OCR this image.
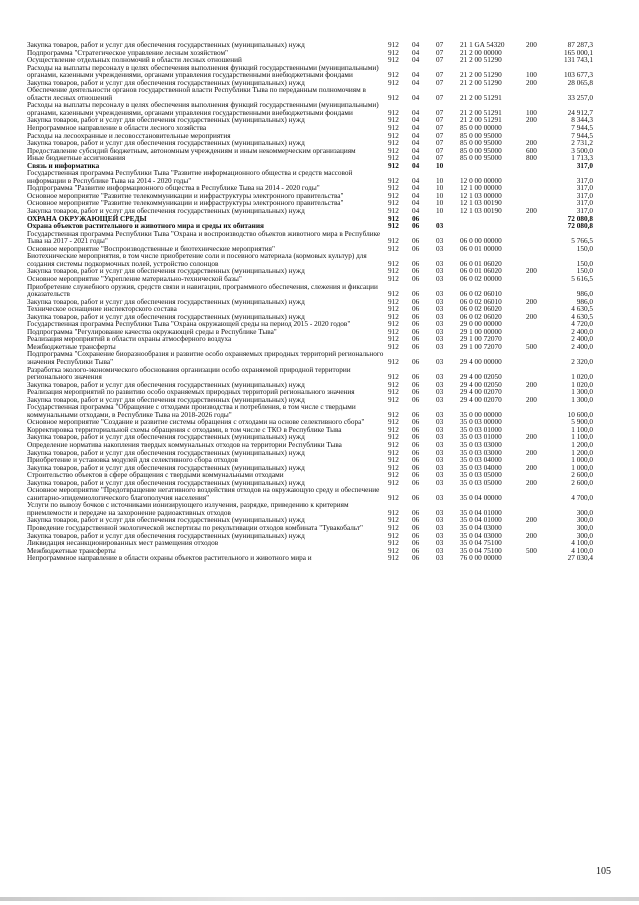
Закупка товаров, работ и услуг для обеспечения государственных (муниципальных) нужд	912	04	07	21 1 GA 54320	200	87 287,3
Подпрограмма "Стратегическое управление лесным хозяйством"	912	04	07	21 2 00 00000	165 000,1
Осуществление отдельных полномочий в области лесных отношений	912	04	07	21 2 00 51290	131 743,1
Расходы на выплаты персоналу в целях обеспечения выполнения функций государственными (муниципальными) органами, казенными учреждениями, органами управления государственными внебюджетными фондами	912	04	07	21 2 00 51290	100	103 677,3
Закупка товаров, работ и услуг для обеспечения государственных (муниципальных) нужд	912	04	07	21 2 00 51290	200	28 065,8
Обеспечение деятельности органов государственной власти Республики Тыва по переданным полномочиям в области лесных отношений	912	04	07	21 2 00 51291	33 257,0
Расходы на выплаты персоналу в целях обеспечения выполнения функций государственными (муниципальными) органами, казенными учреждениями, органами управления государственными внебюджетными фондами	912	04	07	21 2 00 51291	100	24 912,7
Закупка товаров, работ и услуг для обеспечения государственных (муниципальных) нужд	912	04	07	21 2 00 51291	200	8 344,3
Непрограммное направление в области лесного хозяйства	912	04	07	85 0 00 00000	7 944,5
Расходы на лесоохранные и лесовосстановительные мероприятия	912	04	07	85 0 00 95000	7 944,5
Закупка товаров, работ и услуг для обеспечения государственных (муниципальных) нужд	912	04	07	85 0 00 95000	200	2 731,2
Предоставление субсидий бюджетным, автономным учреждениям и иным некоммерческим организациям	912	04	07	85 0 00 95000	600	3 500,0
Иные бюджетные ассигнования	912	04	07	85 0 00 95000	800	1 713,3
Связь и информатика	912	04	10	317,0
Государственная программа Республики Тыва "Развитие информационного общества и средств массовой информации в Республике Тыва на 2014 - 2020 годы"	912	04	10	12 0 00 00000	317,0
Подпрограмма "Развитие информационного общества в Республике Тыва на 2014 - 2020 годы"	912	04	10	12 1 00 00000	317,0
Основное мероприятие "Развитие телекоммуникации и инфраструктуры электронного правительства"	912	04	10	12 1 03 00000	317,0
Основное мероприятие "Развитие телекоммуникации и инфраструктуры электронного правительства"	912	04	10	12 1 03 00190	317,0
Закупка товаров, работ и услуг для обеспечения государственных (муниципальных) нужд	912	04	10	12 1 03 00190	200	317,0
ОХРАНА ОКРУЖАЮЩЕЙ СРЕДЫ	912	06	72 080,8
Охрана объектов растительного и животного мира и среды их обитания	912	06	03	72 080,8
Государственная программа Республики Тыва "Охрана и воспроизводство объектов животного мира в Республике Тыва на 2017 - 2021 годы"	912	06	03	06 0 00 00000	5 766,5
Основное мероприятие "Воспроизводственные и биотехнические мероприятия"	912	06	03	06 0 01 00000	150,0
Биотехнические мероприятия, в том числе приобретение соли и посевного материала (кормовых культур) для создания системы подкормочных полей, устройство солонцов	912	06	03	06 0 01 06020	150,0
Закупка товаров, работ и услуг для обеспечения государственных (муниципальных) нужд	912	06	03	06 0 01 06020	200	150,0
Основное мероприятие "Укрепление материально-технической базы"	912	06	03	06 0 02 00000	5 616,5
Приобретение служебного оружия, средств связи и навигации, программного обеспечения, слежения и фиксации доказательств	912	06	03	06 0 02 06010	986,0
Закупка товаров, работ и услуг для обеспечения государственных (муниципальных) нужд	912	06	03	06 0 02 06010	200	986,0
Техническое оснащение инспекторского состава	912	06	03	06 0 02 06020	4 630,5
Закупка товаров, работ и услуг для обеспечения государственных (муниципальных) нужд	912	06	03	06 0 02 06020	200	4 630,5
Государственная программа Республики Тыва "Охрана окружающей среды на период 2015 - 2020 годов"	912	06	03	29 0 00 00000	4 720,0
Подпрограмма "Регулирование качества окружающей среды в Республике Тыва"	912	06	03	29 1 00 00000	2 400,0
Реализация мероприятий в области охраны атмосферного воздуха	912	06	03	29 1 00 72070	2 400,0
Межбюджетные трансферты	912	06	03	29 1 00 72070	500	2 400,0
Подпрограмма "Сохранение биоразнообразия и развитие особо охраняемых природных территорий регионального значения Республики Тыва"	912	06	03	29 4 00 00000	2 320,0
Разработка эколого-экономического обоснования организации особо охраняемой природной территории регионального значения	912	06	03	29 4 00 02050	1 020,0
Закупка товаров, работ и услуг для обеспечения государственных (муниципальных) нужд	912	06	03	29 4 00 02050	200	1 020,0
Реализация мероприятий по развитию особо охраняемых природных территорий регионального значения	912	06	03	29 4 00 02070	1 300,0
Закупка товаров, работ и услуг для обеспечения государственных (муниципальных) нужд	912	06	03	29 4 00 02070	200	1 300,0
Государственная программа "Обращение с отходами производства и потребления, в том числе с твердыми коммунальными отходами, в Республике Тыва на 2018-2026 годы"	912	06	03	35 0 00 00000	10 600,0
Основное мероприятие "Создание и развитие системы обращения с отходами на основе селективного сбора"	912	06	03	35 0 03 00000	5 900,0
Корректировка территориальной схемы обращения с отходами, в том числе с ТКО в Республике Тыва	912	06	03	35 0 03 01000	1 100,0
Закупка товаров, работ и услуг для обеспечения государственных (муниципальных) нужд	912	06	03	35 0 03 01000	200	1 100,0
Определение норматива накопления твердых коммунальных отходов на территории Республики Тыва	912	06	03	35 0 03 03000	1 200,0
Закупка товаров, работ и услуг для обеспечения государственных (муниципальных) нужд	912	06	03	35 0 03 03000	200	1 200,0
Приобретение и установка модулей для селективного сбора отходов	912	06	03	35 0 03 04000	1 000,0
Закупка товаров, работ и услуг для обеспечения государственных (муниципальных) нужд	912	06	03	35 0 03 04000	200	1 000,0
Строительство объектов в сфере обращения с твердыми коммунальными отходами	912	06	03	35 0 03 05000	2 600,0
Закупка товаров, работ и услуг для обеспечения государственных (муниципальных) нужд	912	06	03	35 0 03 05000	200	2 600,0
Основное мероприятие "Предотвращение негативного воздействия отходов на окружающую среду и обеспечение санитарно-эпидемиологического благополучия населения"	912	06	03	35 0 04 00000	4 700,0
Услуги по вывозу бочков с источниками ионизирующего излучения, разрядке, приведению к критериям приемлемости и передаче на захоронение радиоактивных отходов	912	06	03	35 0 04 01000	300,0
Закупка товаров, работ и услуг для обеспечения государственных (муниципальных) нужд	912	06	03	35 0 04 01000	200	300,0
Проведение государственной экологической экспертизы по рекультивации отходов комбината "Тувакобальт"	912	06	03	35 0 04 03000	300,0
Закупка товаров, работ и услуг для обеспечения государственных (муниципальных) нужд	912	06	03	35 0 04 03000	200	300,0
Ликвидация несанкционированных мест размещения отходов	912	06	03	35 0 04 75100	4 100,0
Межбюджетные трансферты	912	06	03	35 0 04 75100	500	4 100,0
Непрограммное направление в области охраны объектов растительного и животного мира и	912	06	03	76 0 00 00000	27 030,4
105
